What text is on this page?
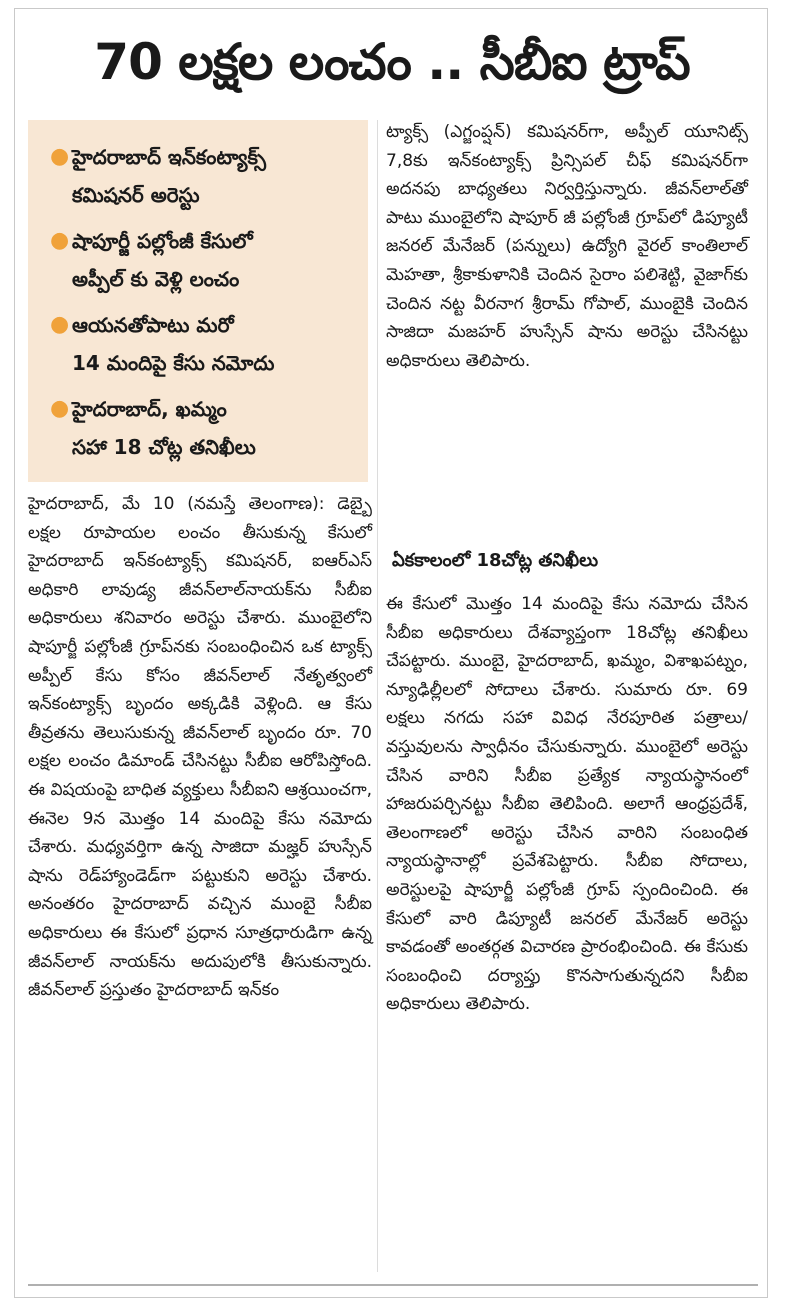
70 లక్షల లంచం .. సీబీఐ ట్రాప్
● హైదరాబాద్ ఇన్‌కంట్యాక్స్
కమిషనర్ అరెస్టు
● షాపూర్జీ పల్లోంజీ కేసులో
అప్పీల్ కు వెళ్లి లంచం
● ఆయనతోపాటు మరో
14 మందిపై కేసు నమోదు
● హైదరాబాద్, ఖమ్మం
సహా 18 చోట్ల తనిఖీలు

హైదరాబాద్, మే 10 (నమస్తే తెలంగాణ): డెబ్బై లక్షల రూపాయల లంచం తీసుకున్న కేసులో హైదరాబాద్ ఇన్‌కంట్యాక్స్ కమిషనర్, ఐఆర్‌ఎస్ అధికారి లావుడ్య జీవన్‌లాల్‌నాయక్‌ను సీబీఐ అధికారులు శనివారం అరెస్టు చేశారు. ముంబైలోని షాపూర్జీ పల్లోంజీ గ్రూప్‌నకు సంబంధించిన ఒక ట్యాక్స్ అప్పీల్ కేసు కోసం జీవన్‌లాల్ నేతృత్వంలో ఇన్‌కంట్యాక్స్ బృందం అక్కడికి వెళ్లింది. ఆ కేసు తీవ్రతను తెలుసుకున్న జీవన్‌లాల్ బృందం రూ. 70 లక్షల లంచం డిమాండ్ చేసినట్టు సీబీఐ ఆరోపిస్తోంది. ఈ విషయంపై బాధిత వ్యక్తులు సీబీఐని ఆశ్రయించగా, ఈనెల 9న మొత్తం 14 మందిపై కేసు నమోదు చేశారు. మధ్యవర్తిగా ఉన్న సాజిదా మజ్హర్ హుస్సేన్ షాను రెడ్‌హ్యాండెడ్‌గా పట్టుకుని అరెస్టు చేశారు. అనంతరం హైదరాబాద్ వచ్చిన ముంబై సీబీఐ అధికారులు ఈ కేసులో ప్రధాన సూత్రధారుడిగా ఉన్న జీవన్‌లాల్ నాయక్‌ను అదుపులోకి తీసుకున్నారు. జీవన్‌లాల్ ప్రస్తుతం హైదరాబాద్ ఇన్‌కం

ట్యాక్స్ (ఎగ్జంప్షన్) కమిషనర్‌గా, అప్పీల్ యూనిట్స్ 7,8కు ఇన్‌కంట్యాక్స్ ప్రిన్సిపల్ చీఫ్ కమిషనర్‌గా అదనపు బాధ్యతలు నిర్వర్తిస్తున్నారు. జీవన్‌లాల్‌తో పాటు ముంబైలోని షాపూర్ జీ పల్లోంజీ గ్రూప్‌లో డిప్యూటీ జనరల్ మేనేజర్ (పన్నులు) ఉద్యోగి వైరల్ కాంతిలాల్ మెహతా, శ్రీకాకుళానికి చెందిన సైరాం పలిశెట్టి, వైజాగ్‌కు చెందిన నట్ట వీరనాగ శ్రీరామ్ గోపాల్, ముంబైకి చెందిన సాజిదా మజహర్ హుస్సేన్ షాను అరెస్టు చేసినట్టు అధికారులు తెలిపారు.

ఏకకాలంలో 18చోట్ల తనిఖీలు

ఈ కేసులో మొత్తం 14 మందిపై కేసు నమోదు చేసిన సీబీఐ అధికారులు దేశవ్యాప్తంగా 18చోట్ల తనిఖీలు చేపట్టారు. ముంబై, హైదరాబాద్, ఖమ్మం, విశాఖపట్నం, న్యూఢిల్లీలలో సోదాలు చేశారు. సుమారు రూ. 69 లక్షలు నగదు సహా వివిధ నేరపూరిత పత్రాలు/వస్తువులను స్వాధీనం చేసుకున్నారు. ముంబైలో అరెస్టు చేసిన వారిని సీబీఐ ప్రత్యేక న్యాయస్థానంలో హాజరుపర్చినట్టు సీబీఐ తెలిపింది. అలాగే ఆంధ్రప్రదేశ్, తెలంగాణలో అరెస్టు చేసిన వారిని సంబంధిత న్యాయస్థానాల్లో ప్రవేశపెట్టారు. సీబీఐ సోదాలు, అరెస్టులపై షాపూర్జీ పల్లోంజీ గ్రూప్ స్పందించింది. ఈ కేసులో వారి డిప్యూటీ జనరల్ మేనేజర్ అరెస్టు కావడంతో అంతర్గత విచారణ ప్రారంభించింది. ఈ కేసుకు సంబంధించి దర్యాప్తు కొనసాగుతున్నదని సీబీఐ అధికారులు తెలిపారు.
